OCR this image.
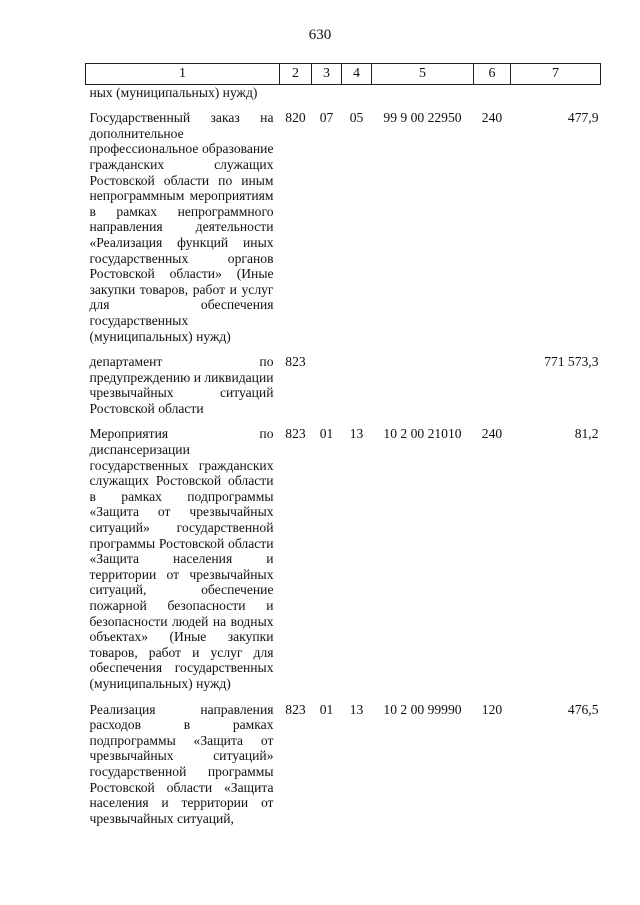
630
1	2	3	4	5	6	7
ных (муниципальных) нужд)						
Государственный заказ на дополнительное профессиональное образование гражданских служащих Ростовской области по иным непрограммным мероприятиям в рамках непрограммного направления деятельности «Реализация функций иных государственных органов Ростовской области» (Иные закупки товаров, работ и услуг для обеспечения государственных (муниципальных) нужд)	820	07	05	99 9 00 22950	240	477,9
департамент по предупреждению и ликвидации чрезвычайных ситуаций Ростовской области	823					771 573,3
Мероприятия по диспансеризации государственных гражданских служащих Ростовской области в рамках подпрограммы «Защита от чрезвычайных ситуаций» государственной программы Ростовской области «Защита населения и территории от чрезвычайных ситуаций, обеспечение пожарной безопасности и безопасности людей на водных объектах» (Иные закупки товаров, работ и услуг для обеспечения государственных (муниципальных) нужд)	823	01	13	10 2 00 21010	240	81,2
Реализация направления расходов в рамках подпрограммы «Защита от чрезвычайных ситуаций» государственной программы Ростовской области «Защита населения и территории от чрезвычайных ситуаций,	823	01	13	10 2 00 99990	120	476,5
